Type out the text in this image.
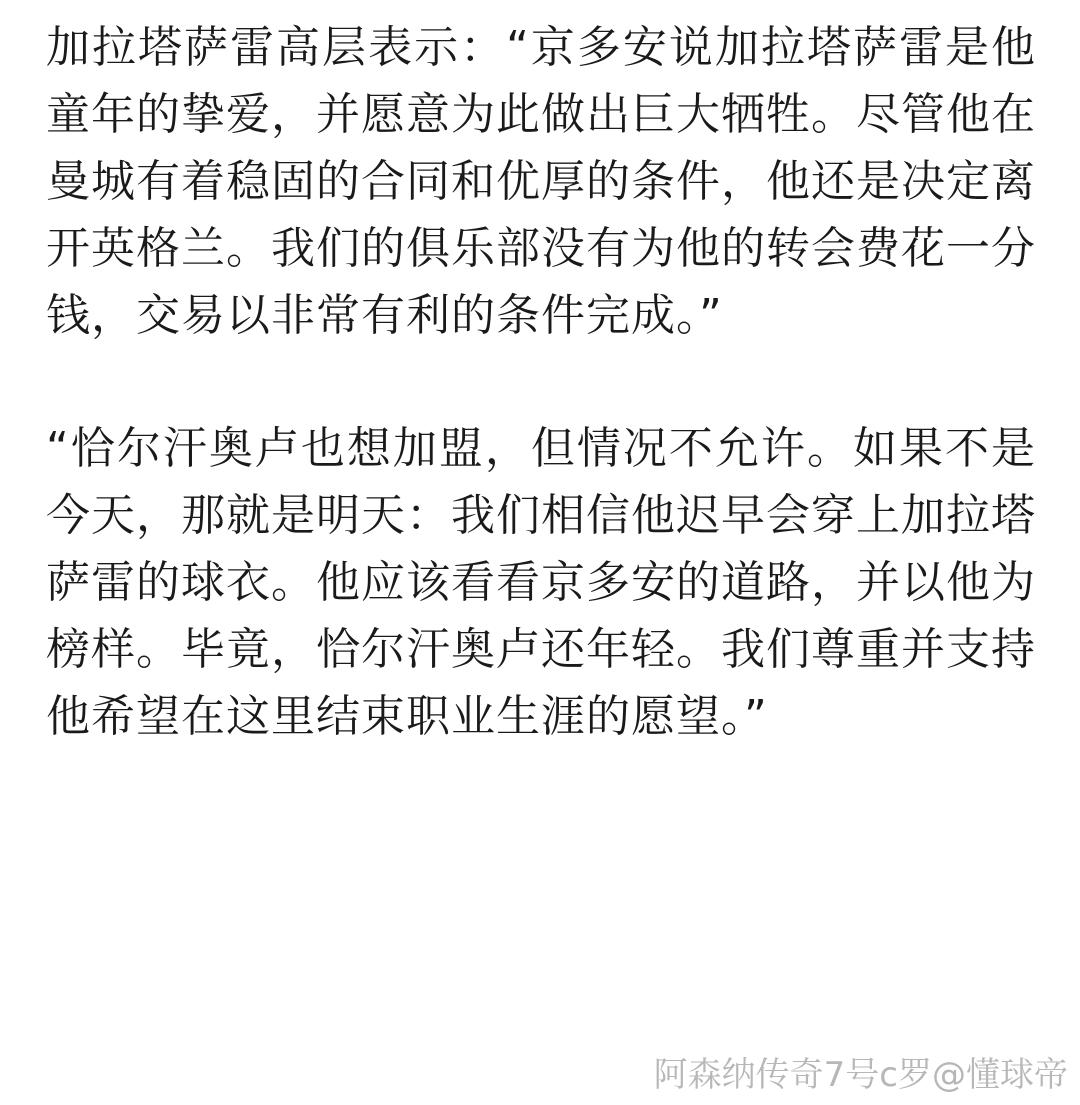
加拉塔萨雷高层表示：“京多安说加拉塔萨雷是他童年的挚爱，并愿意为此做出巨大牺牲。尽管他在曼城有着稳固的合同和优厚的条件，他还是决定离开英格兰。我们的俱乐部没有为他的转会费花一分钱，交易以非常有利的条件完成。”

“恰尔汗奥卢也想加盟，但情况不允许。如果不是今天，那就是明天：我们相信他迟早会穿上加拉塔萨雷的球衣。他应该看看京多安的道路，并以他为榜样。毕竟，恰尔汗奥卢还年轻。我们尊重并支持他希望在这里结束职业生涯的愿望。”

阿森纳传奇7号c罗@懂球帝
